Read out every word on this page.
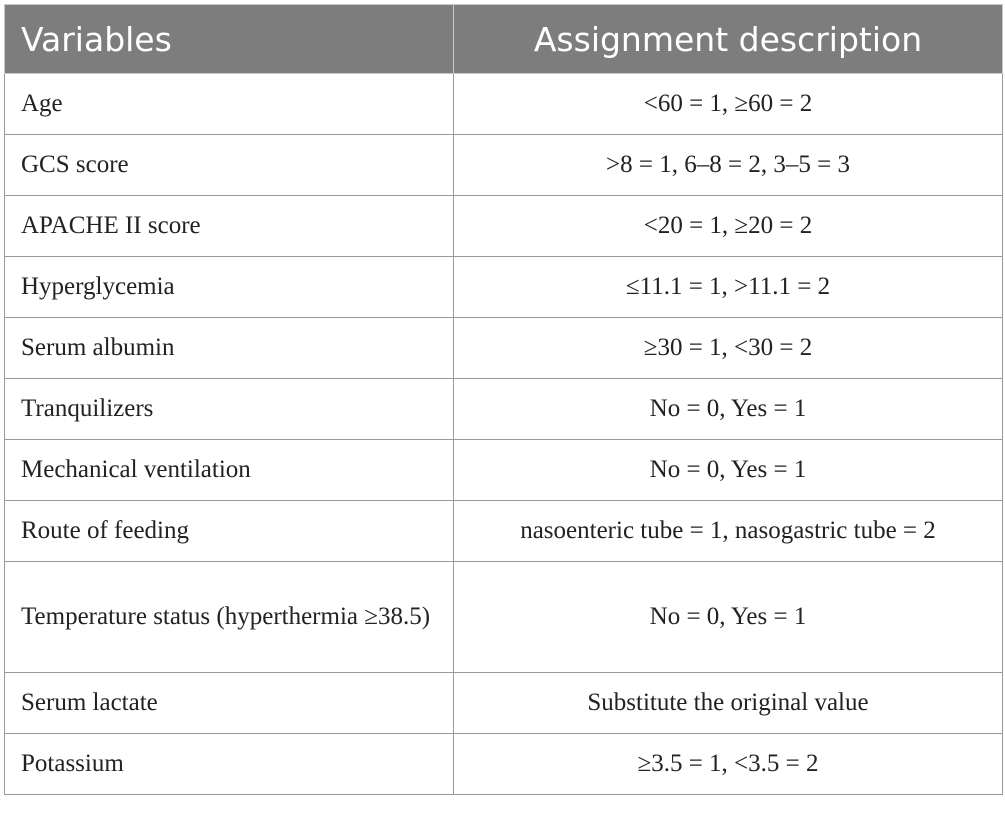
Variables	Assignment description
Age	<60 = 1, ≥60 = 2
GCS score	>8 = 1, 6–8 = 2, 3–5 = 3
APACHE II score	<20 = 1, ≥20 = 2
Hyperglycemia	≤11.1 = 1, >11.1 = 2
Serum albumin	≥30 = 1, <30 = 2
Tranquilizers	No = 0, Yes = 1
Mechanical ventilation	No = 0, Yes = 1
Route of feeding	nasoenteric tube = 1, nasogastric tube = 2
Temperature status (hyperthermia ≥38.5)	No = 0, Yes = 1
Serum lactate	Substitute the original value
Potassium	≥3.5 = 1, <3.5 = 2
